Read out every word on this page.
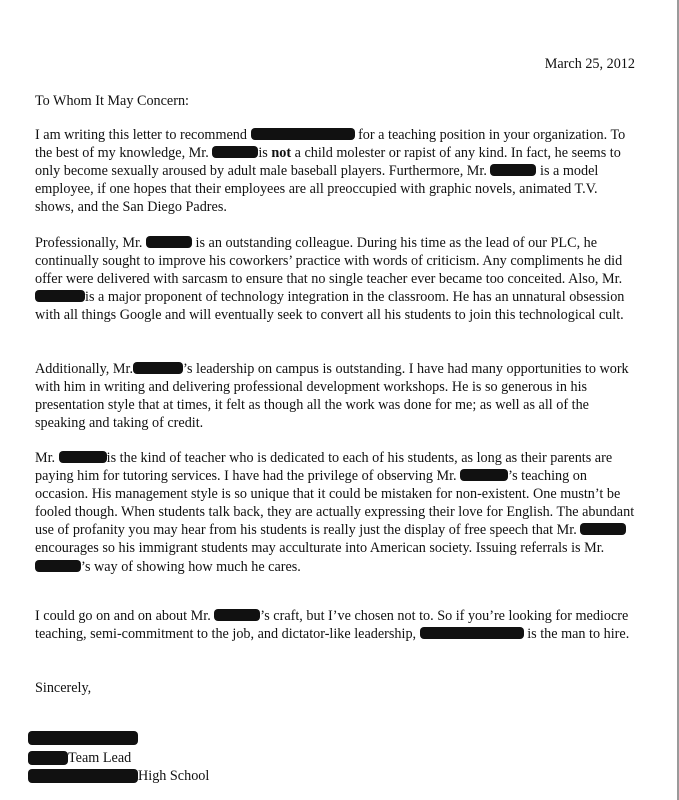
March 25, 2012
To Whom It May Concern:

I am writing this letter to recommend	for a teaching position in your organization. To the best of my knowledge, Mr.	is not a child molester or rapist of any kind. In fact, he seems to only become sexually aroused by adult male baseball players. Furthermore, Mr.	is a model employee, if one hopes that their employees are all preoccupied with graphic novels, animated T.V. shows, and the San Diego Padres.

Professionally, Mr.	is an outstanding colleague. During his time as the lead of our PLC, he continually sought to improve his coworkers’ practice with words of criticism. Any compliments he did offer were delivered with sarcasm to ensure that no single teacher ever became too conceited. Also, Mr. is a major proponent of technology integration in the classroom. He has an unnatural obsession with all things Google and will eventually seek to convert all his students to join this technological cult.

Additionally, Mr.	’s leadership on campus is outstanding. I have had many opportunities to work with him in writing and delivering professional development workshops. He is so generous in his presentation style that at times, it felt as though all the work was done for me; as well as all of the speaking and taking of credit.

Mr.	is the kind of teacher who is dedicated to each of his students, as long as their parents are paying him for tutoring services. I have had the privilege of observing Mr.	’s teaching on occasion. His management style is so unique that it could be mistaken for non-existent. One mustn’t be fooled though. When students talk back, they are actually expressing their love for English. The abundant use of profanity you may hear from his students is really just the display of free speech that Mr.  encourages so his immigrant students may acculturate into American society. Issuing referrals is Mr. ’s way of showing how much he cares.

I could go on and on about Mr.	’s craft, but I’ve chosen not to. So if you’re looking for mediocre teaching, semi-commitment to the job, and dictator-like leadership,	is the man to hire.

Sincerely,
Team Lead
High School
